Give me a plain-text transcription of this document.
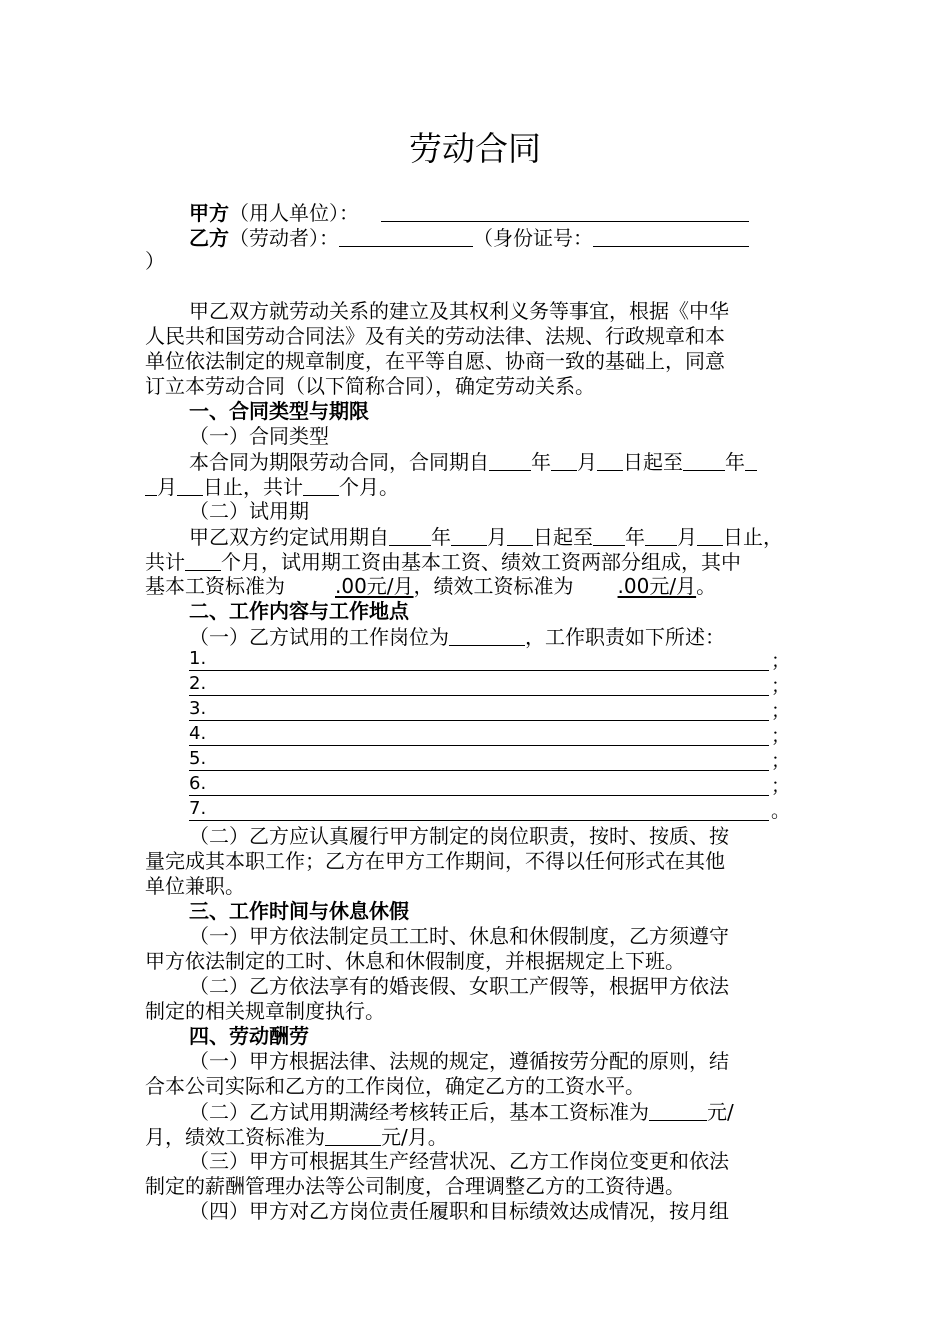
劳动合同
甲方（用人单位）：
乙方（劳动者）：	（身份证号：
）
甲乙双方就劳动关系的建立及其权利义务等事宜，根据《中华
人民共和国劳动合同法》及有关的劳动法律、法规、行政规章和本
单位依法制定的规章制度，在平等自愿、协商一致的基础上，同意
订立本劳动合同（以下简称合同），确定劳动关系。
一、合同类型与期限
（一）合同类型
本合同为期限劳动合同，合同期自 年 月 日起至 年
月 日止，共计 个月。
（二）试用期
甲乙双方约定试用期自 年 月 日起至 年 月 日止，
共计 个月，试用期工资由基本工资、绩效工资两部分组成，其中
基本工资标准为	.00元/月，绩效工资标准为 .00元/月。
二、工作内容与工作地点
（一）乙方试用的工作岗位为	，工作职责如下所述：
1.	；
2.	；
3.	；
4.	；
5.	；
6.	；
7.	。
（二）乙方应认真履行甲方制定的岗位职责，按时、按质、按
量完成其本职工作；乙方在甲方工作期间，不得以任何形式在其他
单位兼职。
三、工作时间与休息休假
（一）甲方依法制定员工工时、休息和休假制度，乙方须遵守
甲方依法制定的工时、休息和休假制度，并根据规定上下班。
（二）乙方依法享有的婚丧假、女职工产假等，根据甲方依法
制定的相关规章制度执行。
四、劳动酬劳
（一）甲方根据法律、法规的规定，遵循按劳分配的原则，结
合本公司实际和乙方的工作岗位，确定乙方的工资水平。
（二）乙方试用期满经考核转正后，基本工资标准为	元/
月，绩效工资标准为	元/月。
（三）甲方可根据其生产经营状况、乙方工作岗位变更和依法
制定的薪酬管理办法等公司制度，合理调整乙方的工资待遇。
（四）甲方对乙方岗位责任履职和目标绩效达成情况，按月组
